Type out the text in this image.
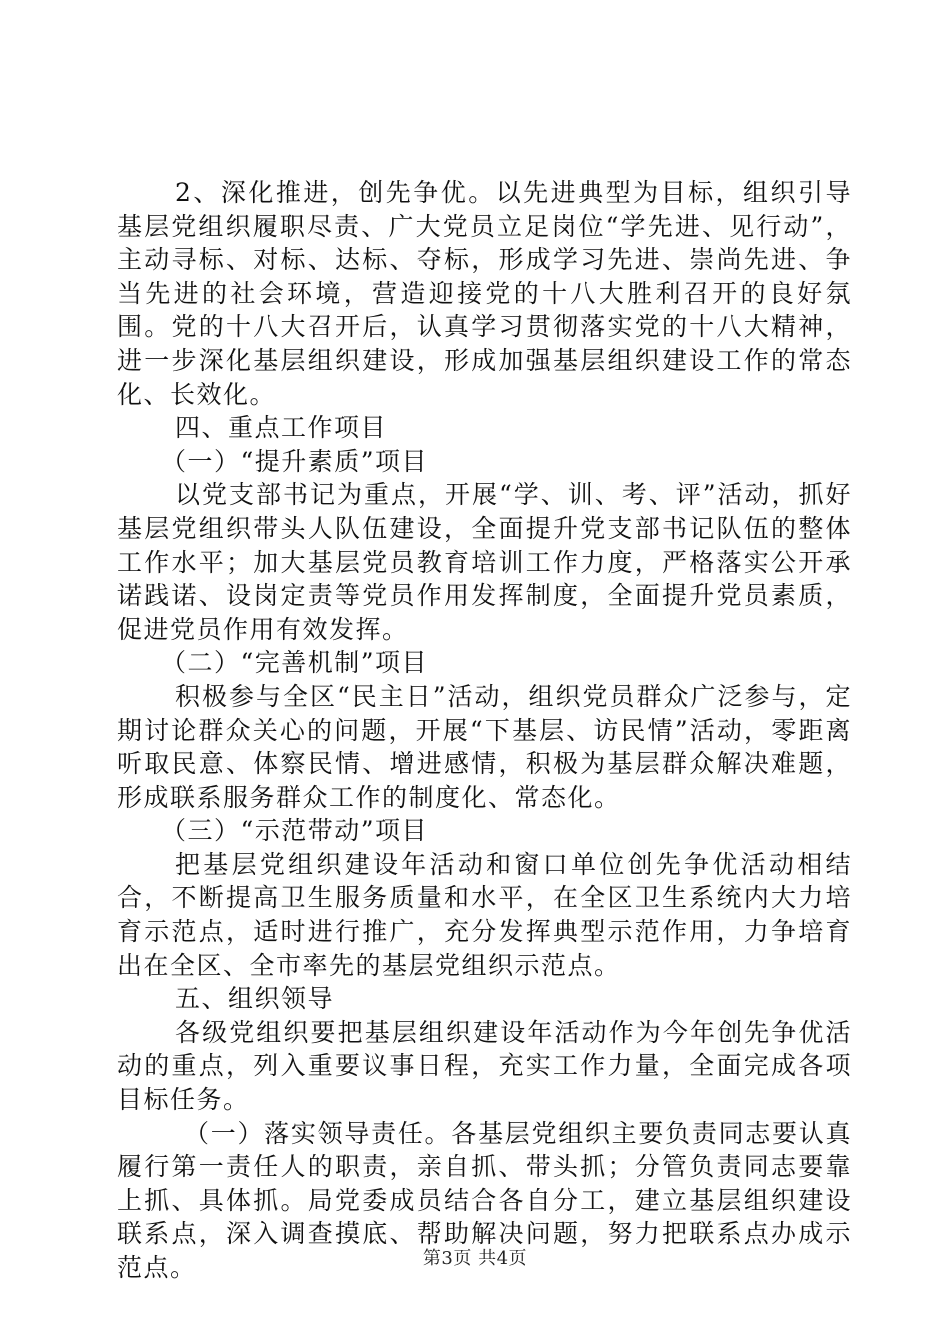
2、深化推进，创先争优。以先进典型为目标，组织引导基层党组织履职尽责、广大党员立足岗位“学先进、见行动”，主动寻标、对标、达标、夺标，形成学习先进、崇尚先进、争当先进的社会环境，营造迎接党的十八大胜利召开的良好氛围。党的十八大召开后，认真学习贯彻落实党的十八大精神，进一步深化基层组织建设，形成加强基层组织建设工作的常态化、长效化。

四、重点工作项目

（一）“提升素质”项目

以党支部书记为重点，开展“学、训、考、评”活动，抓好基层党组织带头人队伍建设，全面提升党支部书记队伍的整体工作水平；加大基层党员教育培训工作力度，严格落实公开承诺践诺、设岗定责等党员作用发挥制度，全面提升党员素质，促进党员作用有效发挥。

（二）“完善机制”项目

积极参与全区“民主日”活动，组织党员群众广泛参与，定期讨论群众关心的问题，开展“下基层、访民情”活动，零距离听取民意、体察民情、增进感情，积极为基层群众解决难题，形成联系服务群众工作的制度化、常态化。

（三）“示范带动”项目

把基层党组织建设年活动和窗口单位创先争优活动相结合，不断提高卫生服务质量和水平，在全区卫生系统内大力培育示范点，适时进行推广，充分发挥典型示范作用，力争培育出在全区、全市率先的基层党组织示范点。

五、组织领导

各级党组织要把基层组织建设年活动作为今年创先争优活动的重点，列入重要议事日程，充实工作力量，全面完成各项目标任务。

（一）落实领导责任。各基层党组织主要负责同志要认真履行第一责任人的职责，亲自抓、带头抓；分管负责同志要靠上抓、具体抓。局党委成员结合各自分工，建立基层组织建设联系点，深入调查摸底、帮助解决问题，努力把联系点办成示范点。	第3页 共4页
